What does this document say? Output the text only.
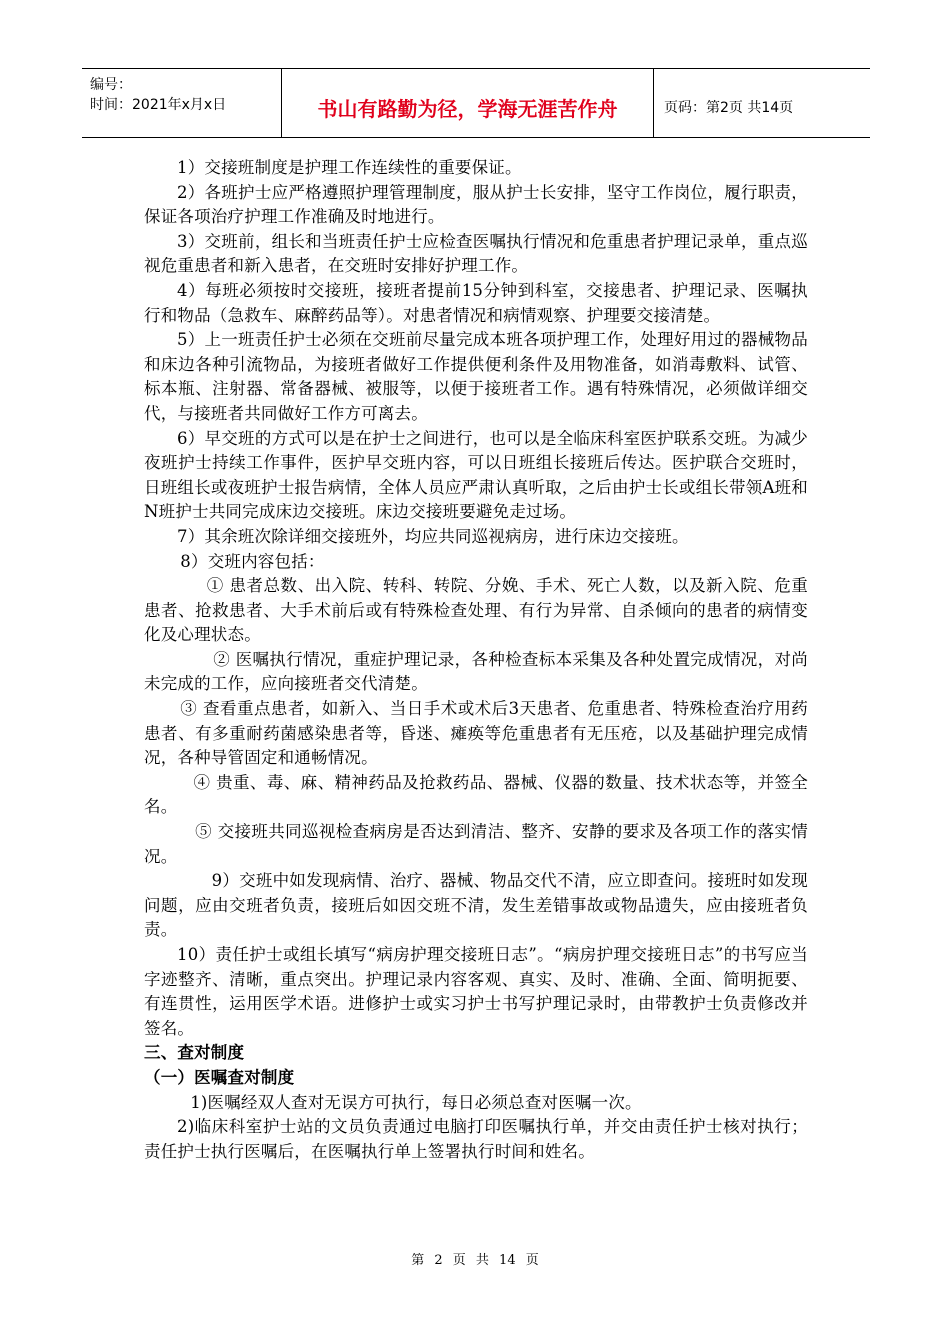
编号：
时间：2021年x月x日	书山有路勤为径，学海无涯苦作舟	页码：第2页 共14页

1）交接班制度是护理工作连续性的重要保证。

2）各班护士应严格遵照护理管理制度，服从护士长安排，坚守工作岗位，履行职责，保证各项治疗护理工作准确及时地进行。

3）交班前，组长和当班责任护士应检查医嘱执行情况和危重患者护理记录单，重点巡视危重患者和新入患者，在交班时安排好护理工作。

4）每班必须按时交接班，接班者提前15分钟到科室，交接患者、护理记录、医嘱执行和物品（急救车、麻醉药品等）。对患者情况和病情观察、护理要交接清楚。

5）上一班责任护士必须在交班前尽量完成本班各项护理工作，处理好用过的器械物品和床边各种引流物品，为接班者做好工作提供便利条件及用物准备，如消毒敷料、试管、标本瓶、注射器、常备器械、被服等，以便于接班者工作。遇有特殊情况，必须做详细交代，与接班者共同做好工作方可离去。

6）早交班的方式可以是在护士之间进行，也可以是全临床科室医护联系交班。为减少夜班护士持续工作事件，医护早交班内容，可以日班组长接班后传达。医护联合交班时，日班组长或夜班护士报告病情，全体人员应严肃认真听取，之后由护士长或组长带领A班和N班护士共同完成床边交接班。床边交接班要避免走过场。

7）其余班次除详细交接班外，均应共同巡视病房，进行床边交接班。

8）交班内容包括：

① 患者总数、出入院、转科、转院、分娩、手术、死亡人数，以及新入院、危重患者、抢救患者、大手术前后或有特殊检查处理、有行为异常、自杀倾向的患者的病情变化及心理状态。

② 医嘱执行情况，重症护理记录，各种检查标本采集及各种处置完成情况，对尚未完成的工作，应向接班者交代清楚。

③ 查看重点患者，如新入、当日手术或术后3天患者、危重患者、特殊检查治疗用药患者、有多重耐药菌感染患者等，昏迷、瘫痪等危重患者有无压疮，以及基础护理完成情况，各种导管固定和通畅情况。

④ 贵重、毒、麻、精神药品及抢救药品、器械、仪器的数量、技术状态等，并签全名。

⑤ 交接班共同巡视检查病房是否达到清洁、整齐、安静的要求及各项工作的落实情况。

9）交班中如发现病情、治疗、器械、物品交代不清，应立即查问。接班时如发现问题，应由交班者负责，接班后如因交班不清，发生差错事故或物品遗失，应由接班者负责。

10）责任护士或组长填写“病房护理交接班日志”。“病房护理交接班日志”的书写应当字迹整齐、清晰，重点突出。护理记录内容客观、真实、及时、准确、全面、简明扼要、有连贯性，运用医学术语。进修护士或实习护士书写护理记录时，由带教护士负责修改并签名。

三、查对制度

（一）医嘱查对制度

1)医嘱经双人查对无误方可执行，每日必须总查对医嘱一次。

2)临床科室护士站的文员负责通过电脑打印医嘱执行单，并交由责任护士核对执行；责任护士执行医嘱后，在医嘱执行单上签署执行时间和姓名。

第 2 页 共 14 页
